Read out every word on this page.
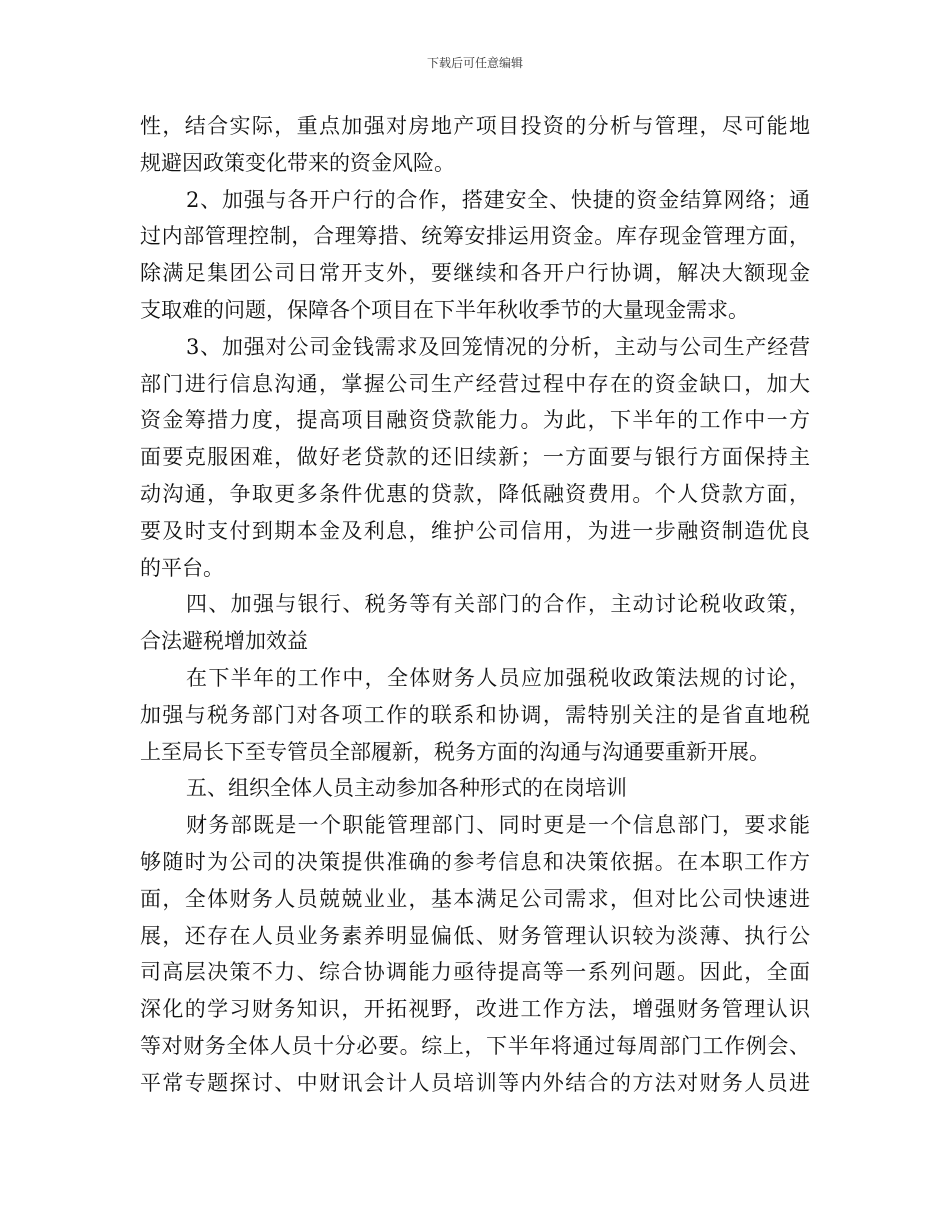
下载后可任意编辑
性，结合实际，重点加强对房地产项目投资的分析与管理，尽可能地
规避因政策变化带来的资金风险。
2、加强与各开户行的合作，搭建安全、快捷的资金结算网络；通
过内部管理控制，合理筹措、统筹安排运用资金。库存现金管理方面，
除满足集团公司日常开支外，要继续和各开户行协调，解决大额现金
支取难的问题，保障各个项目在下半年秋收季节的大量现金需求。
3、加强对公司金钱需求及回笼情况的分析，主动与公司生产经营
部门进行信息沟通，掌握公司生产经营过程中存在的资金缺口，加大
资金筹措力度，提高项目融资贷款能力。为此，下半年的工作中一方
面要克服困难，做好老贷款的还旧续新；一方面要与银行方面保持主
动沟通，争取更多条件优惠的贷款，降低融资费用。个人贷款方面，
要及时支付到期本金及利息，维护公司信用，为进一步融资制造优良
的平台。
四、加强与银行、税务等有关部门的合作，主动讨论税收政策，
合法避税增加效益
在下半年的工作中，全体财务人员应加强税收政策法规的讨论，
加强与税务部门对各项工作的联系和协调，需特别关注的是省直地税
上至局长下至专管员全部履新，税务方面的沟通与沟通要重新开展。
五、组织全体人员主动参加各种形式的在岗培训
财务部既是一个职能管理部门、同时更是一个信息部门，要求能
够随时为公司的决策提供准确的参考信息和决策依据。在本职工作方
面，全体财务人员兢兢业业，基本满足公司需求，但对比公司快速进
展，还存在人员业务素养明显偏低、财务管理认识较为淡薄、执行公
司高层决策不力、综合协调能力亟待提高等一系列问题。因此，全面
深化的学习财务知识，开拓视野，改进工作方法，增强财务管理认识
等对财务全体人员十分必要。综上，下半年将通过每周部门工作例会、
平常专题探讨、中财讯会计人员培训等内外结合的方法对财务人员进
